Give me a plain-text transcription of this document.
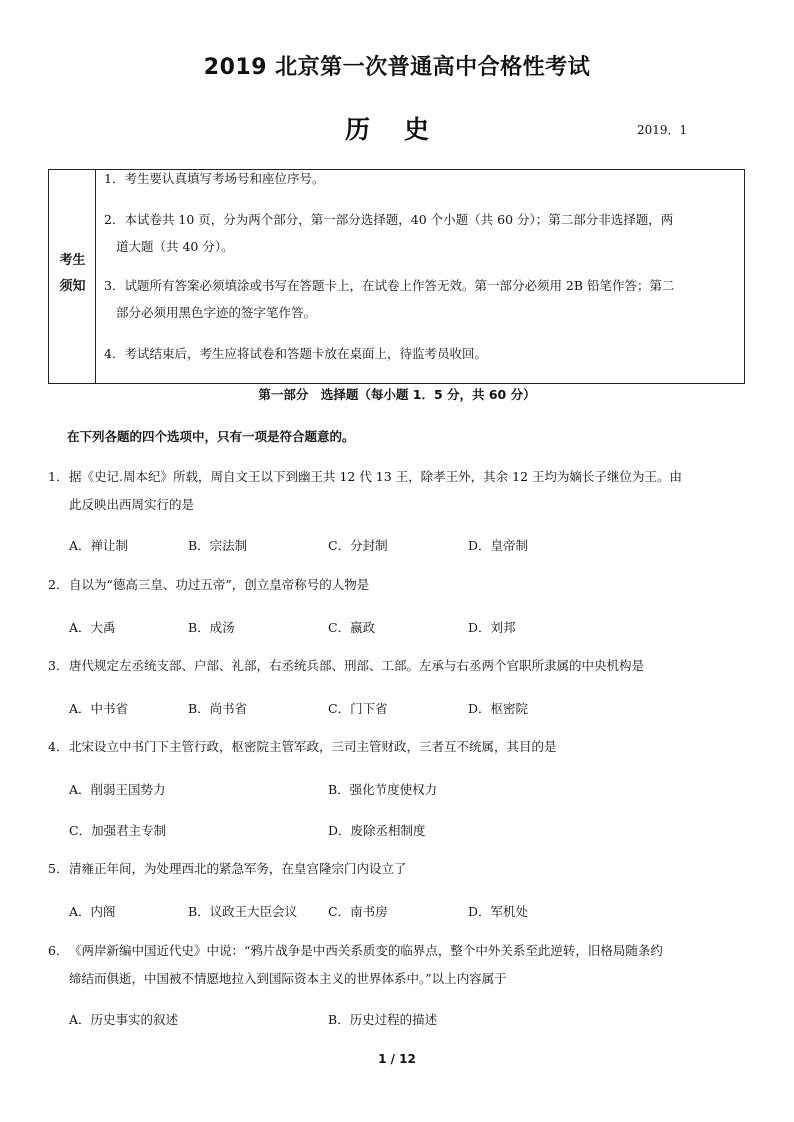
2019 北京第一次普通高中合格性考试
历史	2019．1
考生
须知
1．考生要认真填写考场号和座位序号。
2．本试卷共 10 页，分为两个部分，第一部分选择题，40 个小题（共 60 分）；第二部分非选择题，两
道大题（共 40 分）。
3．试题所有答案必须填涂或书写在答题卡上，在试卷上作答无效。第一部分必须用 2B 铅笔作答；第二
部分必须用黑色字迹的签字笔作答。
4．考试结束后，考生应将试卷和答题卡放在桌面上，待监考员收回。
第一部分　选择题（每小题 1．5 分，共 60 分）
在下列各题的四个选项中，只有一项是符合题意的。
1．据《史记.周本纪》所载，周自文王以下到幽王共 12 代 13 王，除孝王外，其余 12 王均为嫡长子继位为王。由
此反映出西周实行的是
A．禅让制	B．宗法制	C．分封制	D．皇帝制
2．自以为“德高三皇、功过五帝”，创立皇帝称号的人物是
A．大禹	B．成汤	C．嬴政	D．刘邦
3．唐代规定左丞统支部、户部、礼部，右丞统兵部、刑部、工部。左承与右丞两个官职所隶属的中央机构是
A．中书省	B．尚书省	C．门下省	D．枢密院
4．北宋设立中书门下主管行政，枢密院主管军政，三司主管财政，三者互不统属，其目的是
A．削弱王国势力	B．强化节度使权力
C．加强君主专制	D．废除丞相制度
5．清雍正年间，为处理西北的紧急军务，在皇宫隆宗门内设立了
A．内阁	B．议政王大臣会议 C．南书房	D．军机处
6．《两岸新编中国近代史》中说：“鸦片战争是中西关系质变的临界点，整个中外关系至此逆转，旧格局随条约
缔结而俱逝，中国被不情愿地拉入到国际资本主义的世界体系中。”以上内容属于
A．历史事实的叙述	B．历史过程的描述
1 / 12
